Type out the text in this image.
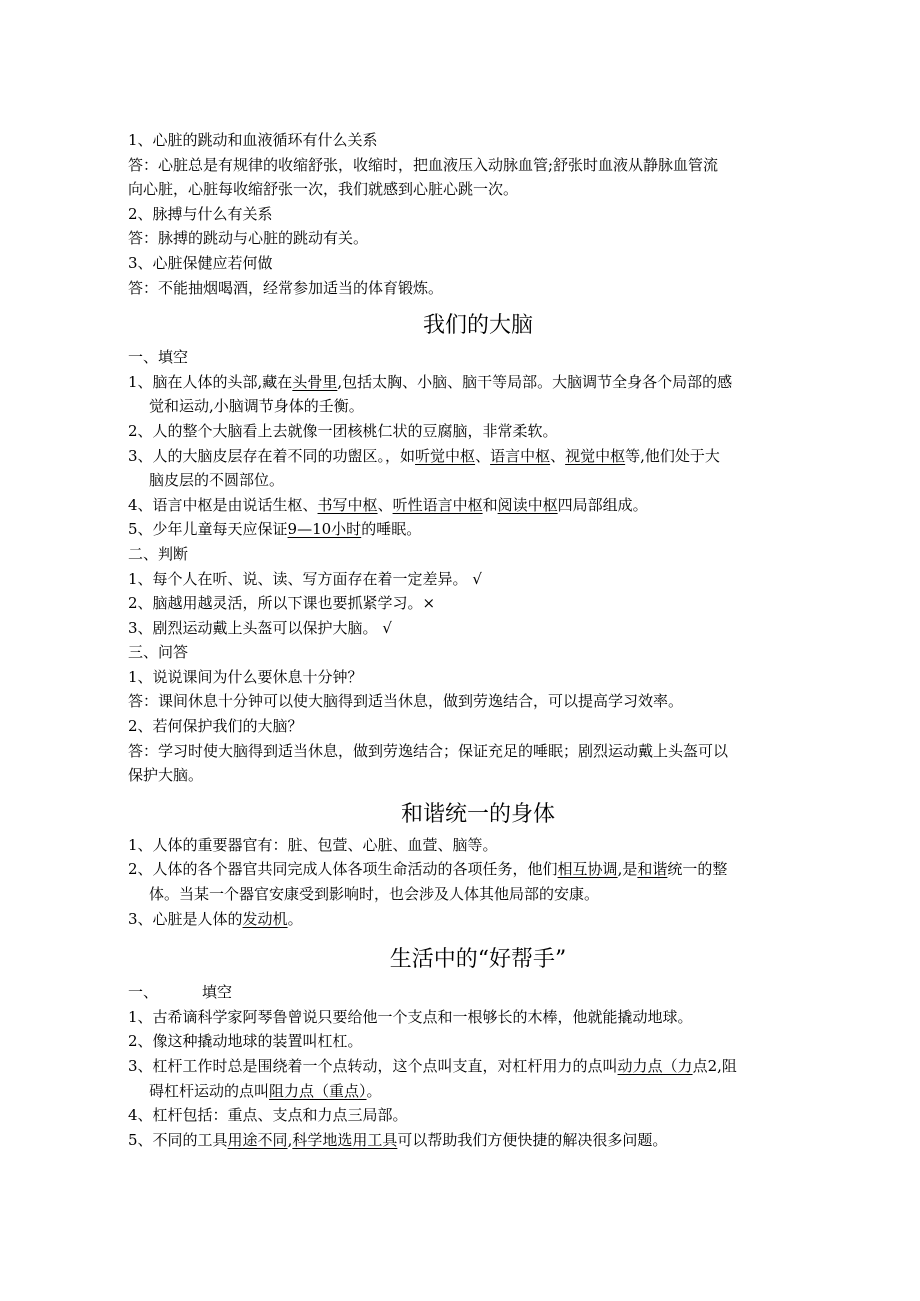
1、心脏的跳动和血液循环有什么关系
答：心脏总是有规律的收缩舒张，收缩时，把血液压入动脉血管;舒张时血液从静脉血管流
向心脏，心脏每收缩舒张一次，我们就感到心脏心跳一次。
2、脉搏与什么有关系
答：脉搏的跳动与心脏的跳动有关。
3、心脏保健应若何做
答：不能抽烟喝酒，经常参加适当的体育锻炼。
我们的大脑
一、填空
1、脑在人体的头部,藏在头骨里,包括太胸、小脑、脑干等局部。大脑调节全身各个局部的感
觉和运动,小脑调节身体的壬衡。
2、人的整个大脑看上去就像一团核桃仁状的豆腐脑，非常柔软。
3、人的大脑皮层存在着不同的功盥区。，如听觉中枢、语言中枢、视觉中枢等,他们处于大
脑皮层的不圆部位。
4、语言中枢是由说话生枢、书写中枢、听性语言中枢和阅读中枢四局部组成。
5、少年儿童每天应保证9—10小时的唾眠。
二、判断
1、每个人在听、说、读、写方面存在着一定差异。 √
2、脑越用越灵活，所以下课也要抓紧学习。×
3、剧烈运动戴上头盔可以保护大脑。 √
三、问答
1、说说课间为什么要休息十分钟？
答：课间休息十分钟可以使大脑得到适当休息，做到劳逸结合，可以提高学习效率。
2、若何保护我们的大脑？
答：学习时使大脑得到适当休息，做到劳逸结合；保证充足的唾眠；剧烈运动戴上头盔可以
保护大脑。
和谐统一的身体
1、人体的重要器官有：脏、包萱、心脏、血萱、脑等。
2、人体的各个器官共同完成人体各项生命活动的各项任务，他们相互协调,是和谐统一的整
体。当某一个器官安康受到影响时，也会涉及人体其他局部的安康。
3、心脏是人体的发动机。
生活中的“好帮手”
一、	填空
1、古希谪科学家阿琴鲁曾说只要给他一个支点和一根够长的木棒，他就能撬动地球。
2、像这种撬动地球的装置叫杠杠。
3、杠杆工作时总是围绕着一个点转动，这个点叫支直，对杠杆用力的点叫动力点（力点2,阻
碍杠杆运动的点叫阻力点（重点）。
4、杠杆包括：重点、支点和力点三局部。
5、不同的工具用途不同,科学地选用工具可以帮助我们方便快捷的解决很多问题。
